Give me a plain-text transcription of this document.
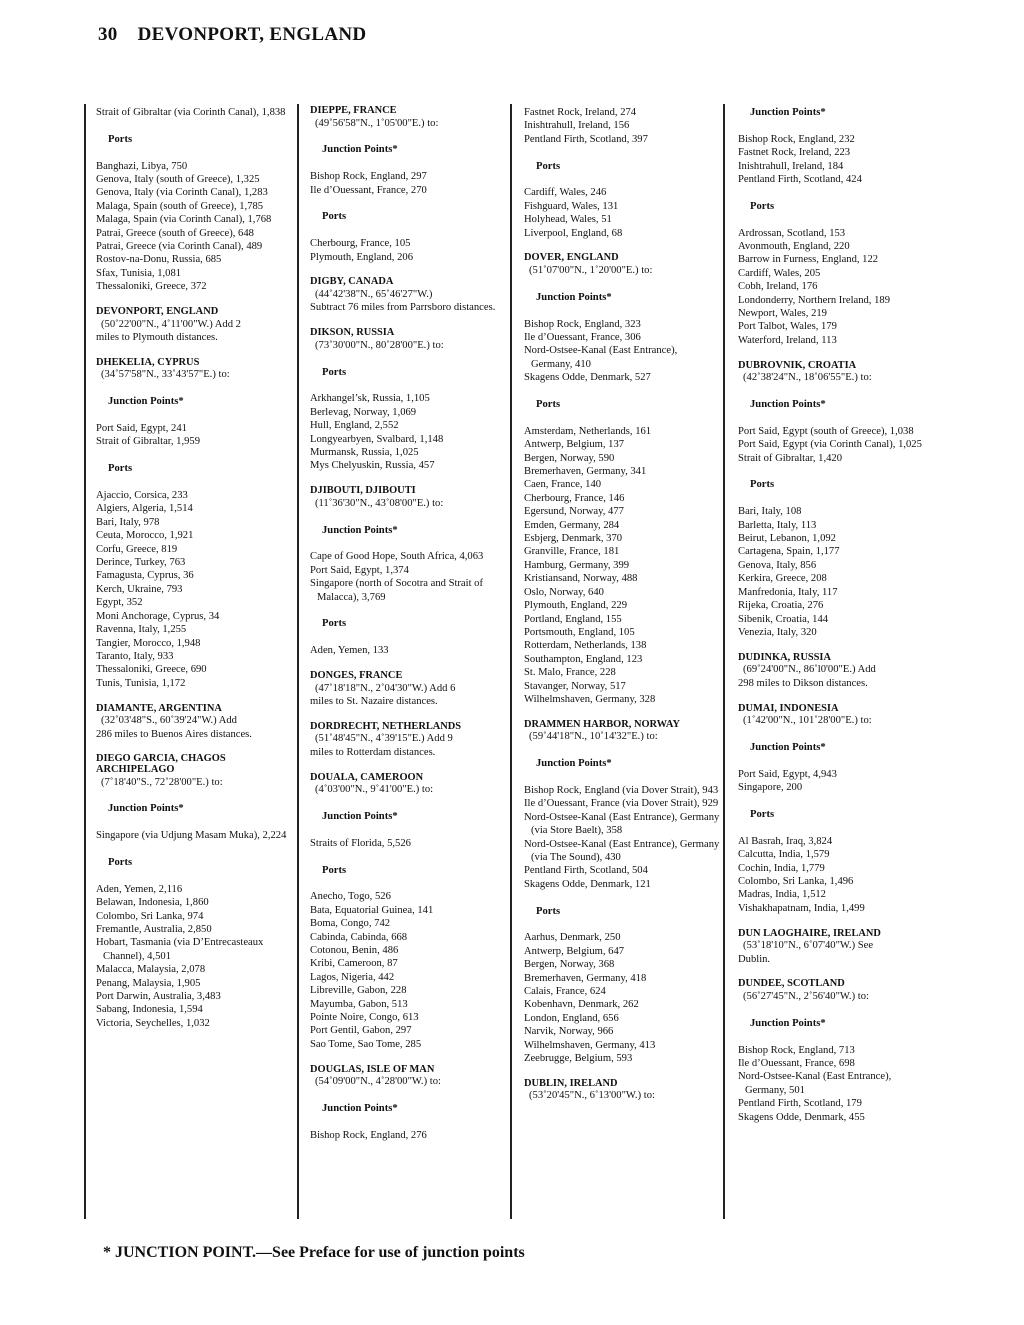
30 DEVONPORT, ENGLAND

Strait of Gibraltar (via Corinth Canal), 1,838

Ports

Banghazi, Libya, 750

Genova, Italy (south of Greece), 1,325

Genova, Italy (via Corinth Canal), 1,283

Malaga, Spain (south of Greece), 1,785

Malaga, Spain (via Corinth Canal), 1,768

Patrai, Greece (south of Greece), 648

Patrai, Greece (via Corinth Canal), 489

Rostov-na-Donu, Russia, 685

Sfax, Tunisia, 1,081

Thessaloniki, Greece, 372

DEVONPORT, ENGLAND

(50˚22'00"N., 4˚11'00"W.) Add 2

miles to Plymouth distances.

DHEKELIA, CYPRUS

(34˚57'58"N., 33˚43'57"E.) to:

Junction Points*

Port Said, Egypt, 241

Strait of Gibraltar, 1,959

Ports

Ajaccio, Corsica, 233

Algiers, Algeria, 1,514

Bari, Italy, 978

Ceuta, Morocco, 1,921

Corfu, Greece, 819

Derince, Turkey, 763

Famagusta, Cyprus, 36

Kerch, Ukraine, 793

Egypt, 352

Moni Anchorage, Cyprus, 34

Ravenna, Italy, 1,255

Tangier, Morocco, 1,948

Taranto, Italy, 933

Thessaloniki, Greece, 690

Tunis, Tunisia, 1,172

DIAMANTE, ARGENTINA

(32˚03'48"S., 60˚39'24"W.) Add

286 miles to Buenos Aires distances.

DIEGO GARCIA, CHAGOS ARCHIPELAGO

(7˚18'40"S., 72˚28'00"E.) to:

Junction Points*

Singapore (via Udjung Masam Muka), 2,224

Ports

Aden, Yemen, 2,116

Belawan, Indonesia, 1,860

Colombo, Sri Lanka, 974

Fremantle, Australia, 2,850

Hobart, Tasmania (via D’Entrecasteaux Channel), 4,501

Malacca, Malaysia, 2,078

Penang, Malaysia, 1,905

Port Darwin, Australia, 3,483

Sabang, Indonesia, 1,594

Victoria, Seychelles, 1,032

DIEPPE, FRANCE

(49˚56'58"N., 1˚05'00"E.) to:

Junction Points*

Bishop Rock, England, 297

Ile d’Ouessant, France, 270

Ports

Cherbourg, France, 105

Plymouth, England, 206

DIGBY, CANADA

(44˚42'38"N., 65˚46'27"W.)

Subtract 76 miles from Parrsboro distances.

DIKSON, RUSSIA

(73˚30'00"N., 80˚28'00"E.) to:

Ports

Arkhangel’sk, Russia, 1,105

Berlevag, Norway, 1,069

Hull, England, 2,552

Longyearbyen, Svalbard, 1,148

Murmansk, Russia, 1,025

Mys Chelyuskin, Russia, 457

DJIBOUTI, DJIBOUTI

(11˚36'30"N., 43˚08'00"E.) to:

Junction Points*

Cape of Good Hope, South Africa, 4,063

Port Said, Egypt, 1,374

Singapore (north of Socotra and Strait of Malacca), 3,769

Ports

Aden, Yemen, 133

DONGES, FRANCE

(47˚18'18"N., 2˚04'30"W.) Add 6

miles to St. Nazaire distances.

DORDRECHT, NETHERLANDS

(51˚48'45"N., 4˚39'15"E.) Add 9

miles to Rotterdam distances.

DOUALA, CAMEROON

(4˚03'00"N., 9˚41'00"E.) to:

Junction Points*

Straits of Florida, 5,526

Ports

Anecho, Togo, 526

Bata, Equatorial Guinea, 141

Boma, Congo, 742

Cabinda, Cabinda, 668

Cotonou, Benin, 486

Kribi, Cameroon, 87

Lagos, Nigeria, 442

Libreville, Gabon, 228

Mayumba, Gabon, 513

Pointe Noire, Congo, 613

Port Gentil, Gabon, 297

Sao Tome, Sao Tome, 285

DOUGLAS, ISLE OF MAN

(54˚09'00"N., 4˚28'00"W.) to:

Junction Points*

Bishop Rock, England, 276

Fastnet Rock, Ireland, 274

Inishtrahull, Ireland, 156

Pentland Firth, Scotland, 397

Ports

Cardiff, Wales, 246

Fishguard, Wales, 131

Holyhead, Wales, 51

Liverpool, England, 68

DOVER, ENGLAND

(51˚07'00"N., 1˚20'00"E.) to:

Junction Points*

Bishop Rock, England, 323

Ile d’Ouessant, France, 306

Nord-Ostsee-Kanal (East Entrance), Germany, 410

Skagens Odde, Denmark, 527

Ports

Amsterdam, Netherlands, 161

Antwerp, Belgium, 137

Bergen, Norway, 590

Bremerhaven, Germany, 341

Caen, France, 140

Cherbourg, France, 146

Egersund, Norway, 477

Emden, Germany, 284

Esbjerg, Denmark, 370

Granville, France, 181

Hamburg, Germany, 399

Kristiansand, Norway, 488

Oslo, Norway, 640

Plymouth, England, 229

Portland, England, 155

Portsmouth, England, 105

Rotterdam, Netherlands, 138

Southampton, England, 123

St. Malo, France, 228

Stavanger, Norway, 517

Wilhelmshaven, Germany, 328

DRAMMEN HARBOR, NORWAY

(59˚44'18"N., 10˚14'32"E.) to:

Junction Points*

Bishop Rock, England (via Dover Strait), 943

Ile d’Ouessant, France (via Dover Strait), 929

Nord-Ostsee-Kanal (East Entrance), Germany (via Store Baelt), 358

Nord-Ostsee-Kanal (East Entrance), Germany (via The Sound), 430

Pentland Firth, Scotland, 504

Skagens Odde, Denmark, 121

Ports

Aarhus, Denmark, 250

Antwerp, Belgium, 647

Bergen, Norway, 368

Bremerhaven, Germany, 418

Calais, France, 624

Kobenhavn, Denmark, 262

London, England, 656

Narvik, Norway, 966

Wilhelmshaven, Germany, 413

Zeebrugge, Belgium, 593

DUBLIN, IRELAND

(53˚20'45"N., 6˚13'00"W.) to:

Junction Points*

Bishop Rock, England, 232

Fastnet Rock, Ireland, 223

Inishtrahull, Ireland, 184

Pentland Firth, Scotland, 424

Ports

Ardrossan, Scotland, 153

Avonmouth, England, 220

Barrow in Furness, England, 122

Cardiff, Wales, 205

Cobh, Ireland, 176

Londonderry, Northern Ireland, 189

Newport, Wales, 219

Port Talbot, Wales, 179

Waterford, Ireland, 113

DUBROVNIK, CROATIA

(42˚38'24"N., 18˚06'55"E.) to:

Junction Points*

Port Said, Egypt (south of Greece), 1,038

Port Said, Egypt (via Corinth Canal), 1,025

Strait of Gibraltar, 1,420

Ports

Bari, Italy, 108

Barletta, Italy, 113

Beirut, Lebanon, 1,092

Cartagena, Spain, 1,177

Genova, Italy, 856

Kerkira, Greece, 208

Manfredonia, Italy, 117

Rijeka, Croatia, 276

Sibenik, Croatia, 144

Venezia, Italy, 320

DUDINKA, RUSSIA

(69˚24'00"N., 86˚l0'00"E.) Add

298 miles to Dikson distances.

DUMAI, INDONESIA

(1˚42'00"N., 101˚28'00"E.) to:

Junction Points*

Port Said, Egypt, 4,943

Singapore, 200

Ports

Al Basrah, Iraq, 3,824

Calcutta, India, 1,579

Cochin, India, 1,779

Colombo, Sri Lanka, 1,496

Madras, India, 1,512

Vishakhapatnam, India, 1,499

DUN LAOGHAIRE, IRELAND

(53˚18'10"N., 6˚07'40"W.) See

Dublin.

DUNDEE, SCOTLAND

(56˚27'45"N., 2˚56'40"W.) to:

Junction Points*

Bishop Rock, England, 713

Ile d’Ouessant, France, 698

Nord-Ostsee-Kanal (East Entrance), Germany, 501

Pentland Firth, Scotland, 179

Skagens Odde, Denmark, 455

* JUNCTION POINT.—See Preface for use of junction points
